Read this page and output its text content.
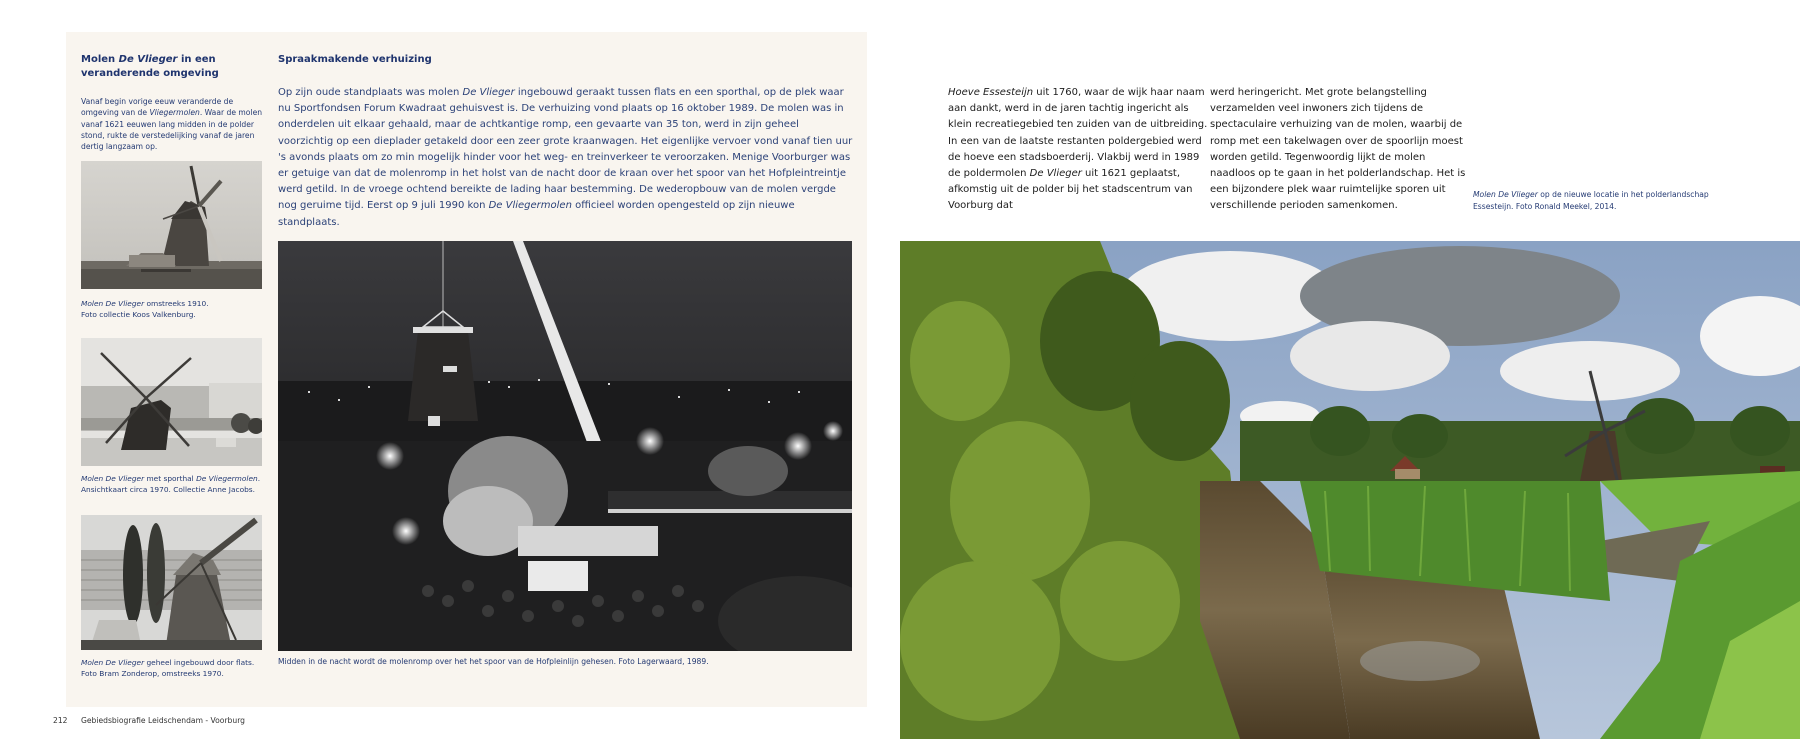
Molen De Vlieger in een veranderende omgeving
Vanaf begin vorige eeuw veranderde de omgeving van de Vliegermolen. Waar de molen vanaf 1621 eeuwen lang midden in de polder stond, rukte de verstedelijking vanaf de jaren dertig langzaam op.
Molen De Vlieger omstreeks 1910.
Foto collectie Koos Valkenburg.
Molen De Vlieger met sporthal De Vliegermolen.
Ansichtkaart circa 1970. Collectie Anne Jacobs.
Molen De Vlieger geheel ingebouwd door flats.
Foto Bram Zonderop, omstreeks 1970.
Spraakmakende verhuizing
Op zijn oude standplaats was molen De Vlieger ingebouwd geraakt tussen flats en een sporthal, op de plek waar nu Sportfondsen Forum Kwadraat gehuisvest is. De verhuizing vond plaats op 16 oktober 1989. De molen was in onderdelen uit elkaar gehaald, maar de achtkantige romp, een gevaarte van 35 ton, werd in zijn geheel voorzichtig op een dieplader getakeld door een zeer grote kraanwagen. Het eigenlijke vervoer vond vanaf tien uur 's avonds plaats om zo min mogelijk hinder voor het weg- en treinverkeer te veroorzaken. Menige Voorburger was er getuige van dat de molenromp in het holst van de nacht door de kraan over het spoor van het Hofpleintreintje werd getild. In de vroege ochtend bereikte de lading haar bestemming. De wederopbouw van de molen vergde nog geruime tijd. Eerst op 9 juli 1990 kon De Vliegermolen officieel worden opengesteld op zijn nieuwe standplaats.
Midden in de nacht wordt de molenromp over het het spoor van de Hofpleinlijn gehesen. Foto Lagerwaard, 1989.
212 Gebiedsbiografie Leidschendam - Voorburg
Hoeve Essesteijn uit 1760, waar de wijk haar naam aan dankt, werd in de jaren tachtig ingericht als klein recreatiegebied ten zuiden van de uitbreiding. In een van de laatste restanten poldergebied werd de hoeve een stadsboerderij. Vlakbij werd in 1989 de poldermolen De Vlieger uit 1621 geplaatst, afkomstig uit de polder bij het stadscentrum van Voorburg dat
werd heringericht. Met grote belangstelling verzamelden veel inwoners zich tijdens de spectaculaire verhuizing van de molen, waarbij de romp met een takelwagen over de spoorlijn moest worden getild. Tegenwoordig lijkt de molen naadloos op te gaan in het polderlandschap. Het is een bijzondere plek waar ruimtelijke sporen uit verschillende perioden samenkomen.
Molen De Vlieger op de nieuwe locatie in het polderlandschap Essesteijn. Foto Ronald Meekel, 2014.
